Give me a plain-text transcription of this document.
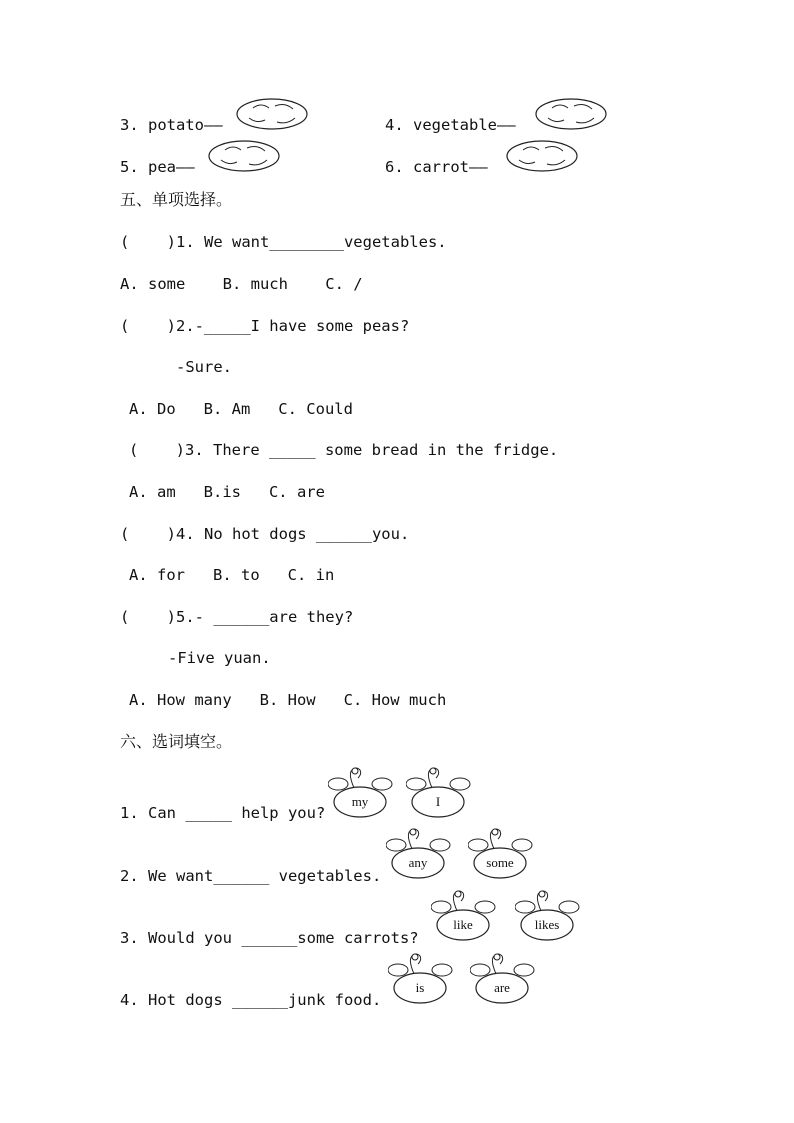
3. potato——	4. vegetable——
5. pea——	6. carrot——
五、单项选择。
(    )1. We want________vegetables.
A. some    B. much    C. /
(    )2.-_____I have some peas?
-Sure.
A. Do   B. Am   C. Could
(    )3. There _____ some bread in the fridge.
A. am   B.is   C. are
(    )4. No hot dogs ______you.
A. for   B. to   C. in
(    )5.- ______are they?
-Five yuan.
A. How many   B. How   C. How much
六、选词填空。
1. Can _____ help you?
my	I
2. We want______ vegetables.
any	some
3. Would you ______some carrots?
like	likes
4. Hot dogs ______junk food.
is	are
